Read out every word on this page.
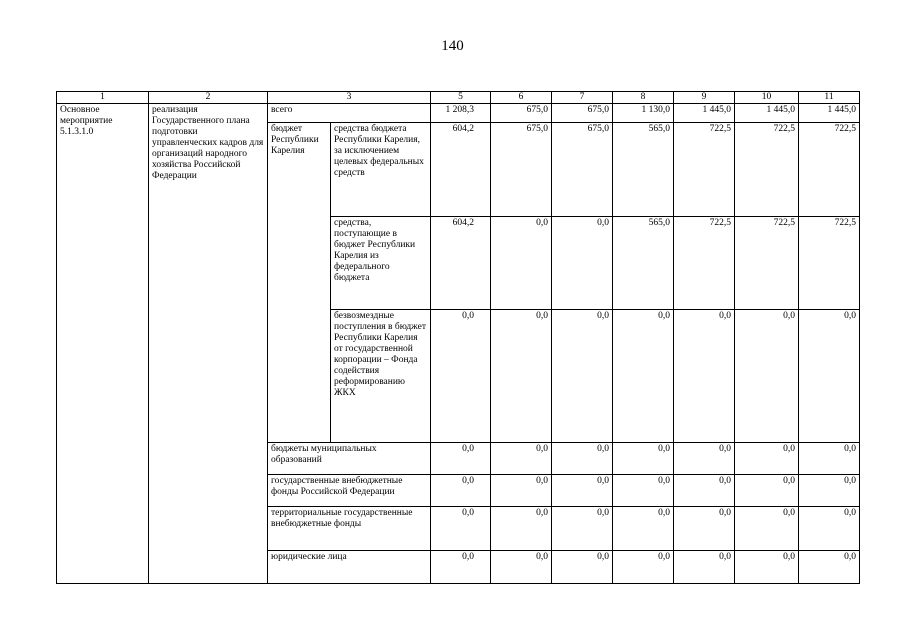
140
1	2	3		5	6	7	8	9	10	11
Основное мероприятие 5.1.3.1.0	реализация Государственного плана подготовки управленческих кадров для организаций народного хозяйства Российской Федерации	всего		1 208,3	675,0	675,0	1 130,0	1 445,0	1 445,0	1 445,0
		бюджет Республики Карелия	средства бюджета Республики Карелия, за исключением целевых федеральных средств	604,2	675,0	675,0	565,0	722,5	722,5	722,5
			средства, поступающие в бюджет Республики Карелия из федерального бюджета	604,2	0,0	0,0	565,0	722,5	722,5	722,5
			безвозмездные поступления в бюджет Республики Карелия от государственной корпорации – Фонда содействия реформированию ЖКХ	0,0	0,0	0,0	0,0	0,0	0,0	0,0
		бюджеты муниципальных образований		0,0	0,0	0,0	0,0	0,0	0,0	0,0
		государственные внебюджетные фонды Российской Федерации		0,0	0,0	0,0	0,0	0,0	0,0	0,0
		территориальные государственные внебюджетные фонды		0,0	0,0	0,0	0,0	0,0	0,0	0,0
		юридические лица		0,0	0,0	0,0	0,0	0,0	0,0	0,0
